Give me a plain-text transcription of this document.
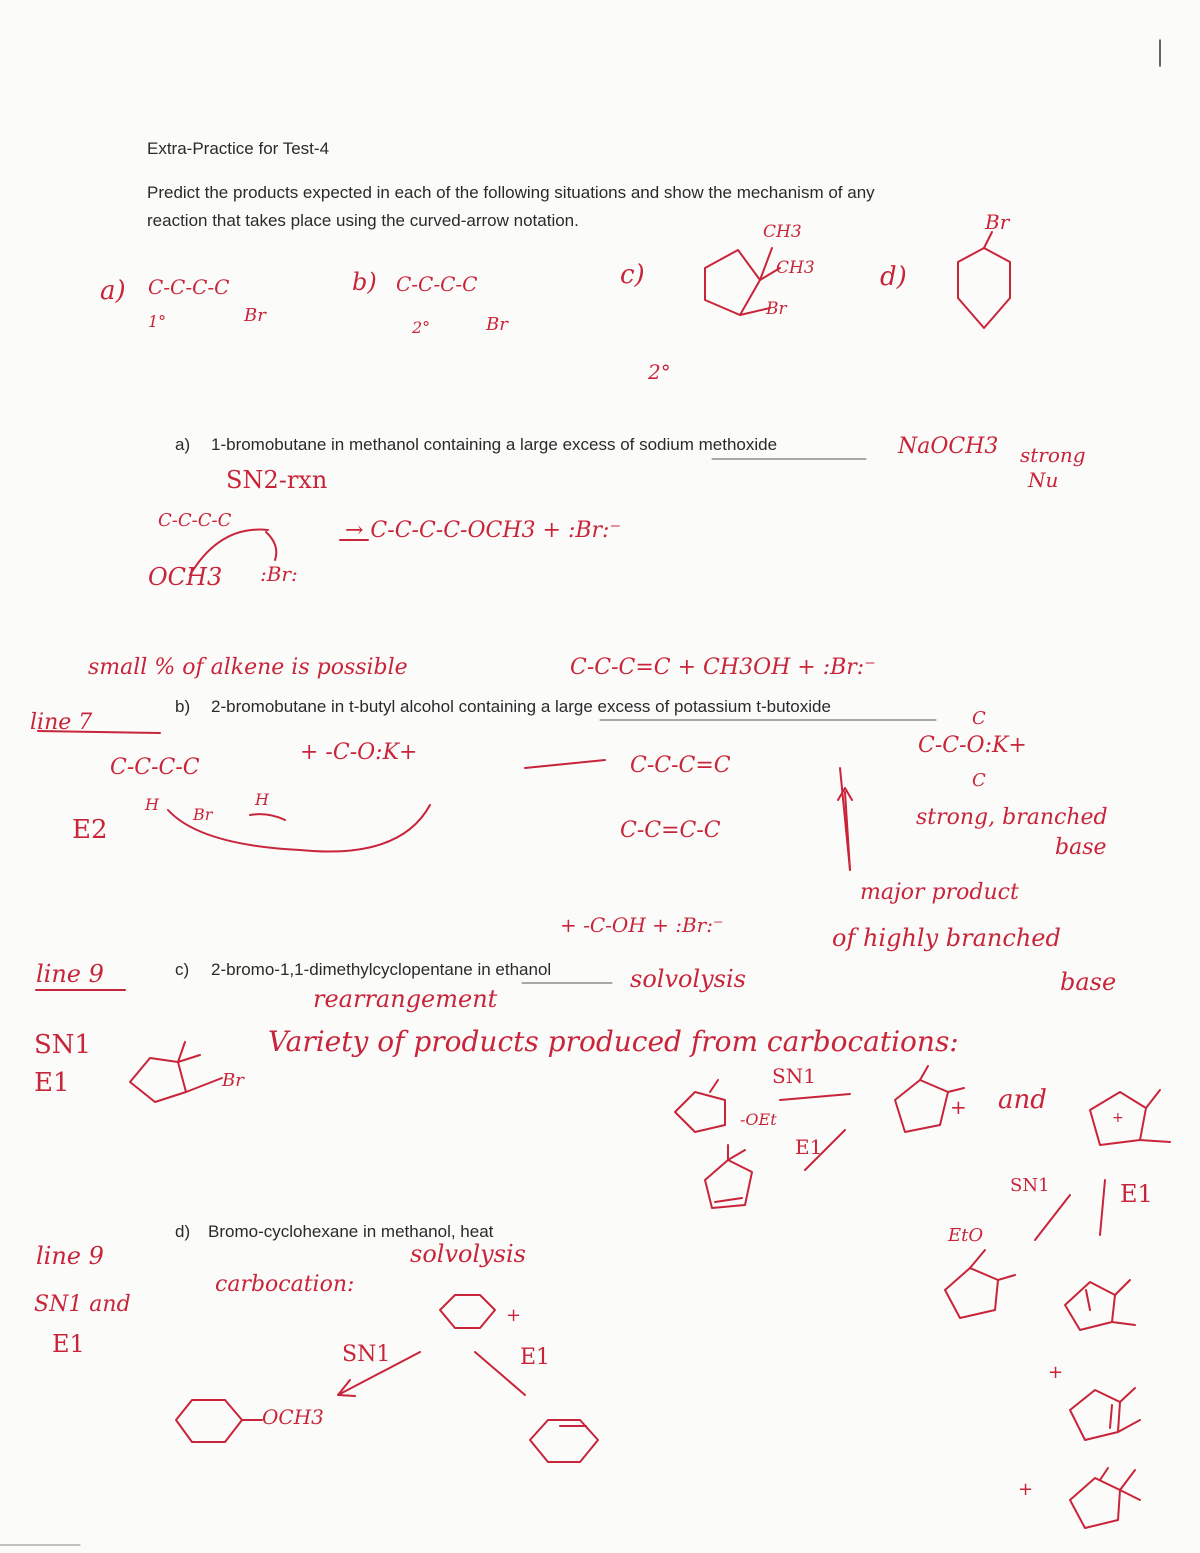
Extra-Practice for Test-4
Predict the products expected in each of the following situations and show the mechanism of any
reaction that takes place using the curved-arrow notation.
a) 1-bromobutane in methanol containing a large excess of sodium methoxide
b) 2-bromobutane in t-butyl alcohol containing a large excess of potassium t-butoxide
c) 2-bromo-1,1-dimethylcyclopentane in ethanol
d) Bromo-cyclohexane in methanol, heat
a) C-C-C-C
Br
1°
b) C-C-C-C
Br
2°
c)
CH3
CH3
Br
2°
d)
Br
NaOCH3 strong
Nu
SN2-rxn
C-C-C-C
OCH3 :Br:
→ C-C-C-C-OCH3 + :Br:⁻
small % of alkene is possible	C-C-C=C + CH3OH + :Br:⁻
line 7
E2
C-C-C-C
H
Br
H
+ -C-O:K+
C-C-C=C
C-C=C-C
+ -C-OH + :Br:⁻
C
C-C-O:K+
C
strong, branched
base
major product
of highly branched
base
line 9
SN1
E1
solvolysis
rearrangement
Variety of products produced from carbocations:
Br	SN1
-OEt
E1
+ and
SN1	E1
EtO
line 9
SN1 and
E1
solvolysis
carbocation:
+
SN1	E1
OCH3
+
+
+
